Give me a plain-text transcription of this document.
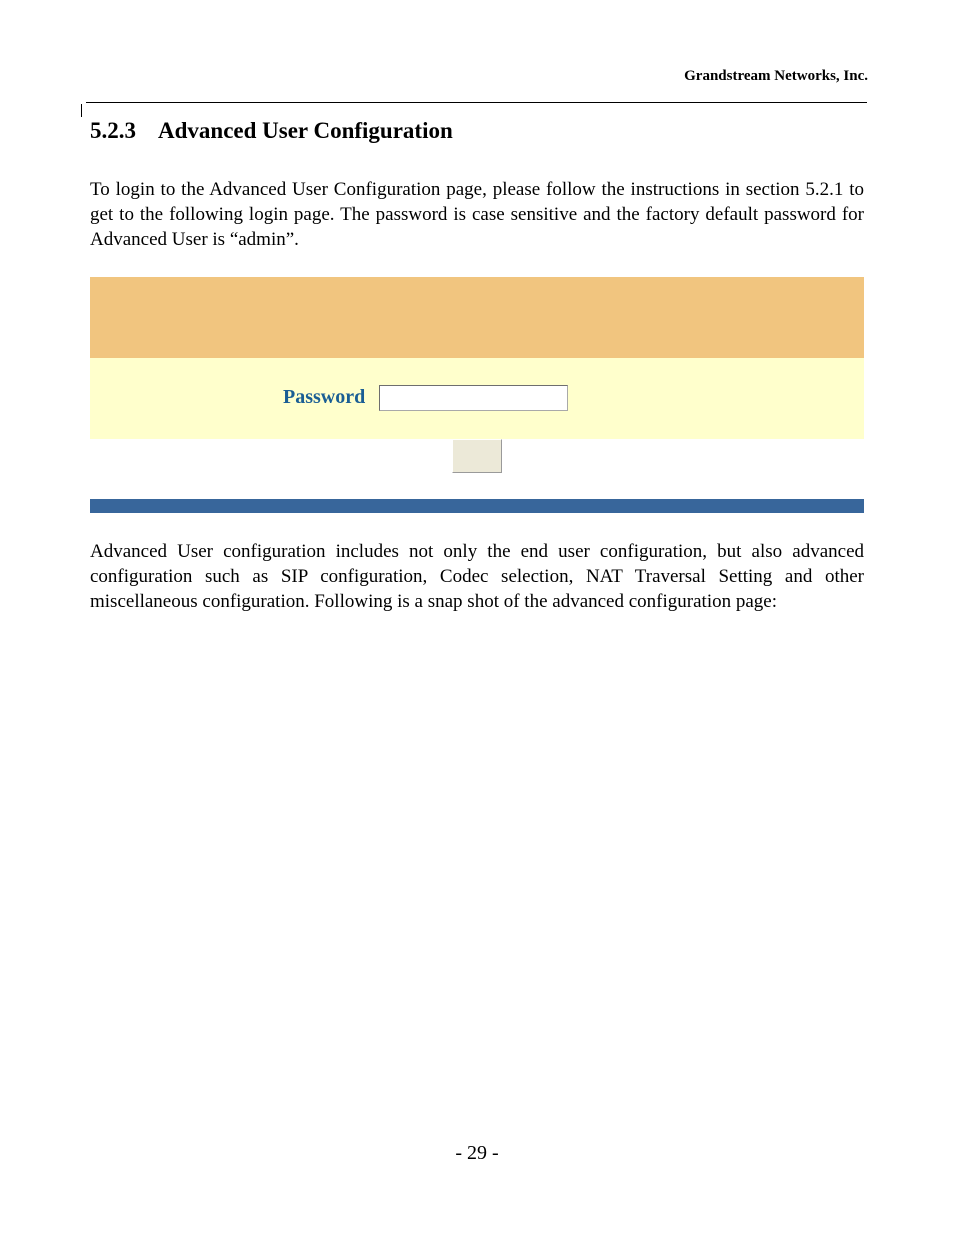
Grandstream Networks, Inc.
5.2.3 Advanced User Configuration
To login to the Advanced User Configuration page, please follow the instructions in section 5.2.1 to get to the following login page. The password is case sensitive and the factory default password for Advanced User is “admin”.
Password
Advanced User configuration includes not only the end user configuration, but also advanced configuration such as SIP configuration, Codec selection, NAT Traversal Setting and other miscellaneous configuration. Following is a snap shot of the advanced configuration page:
- 29 -
